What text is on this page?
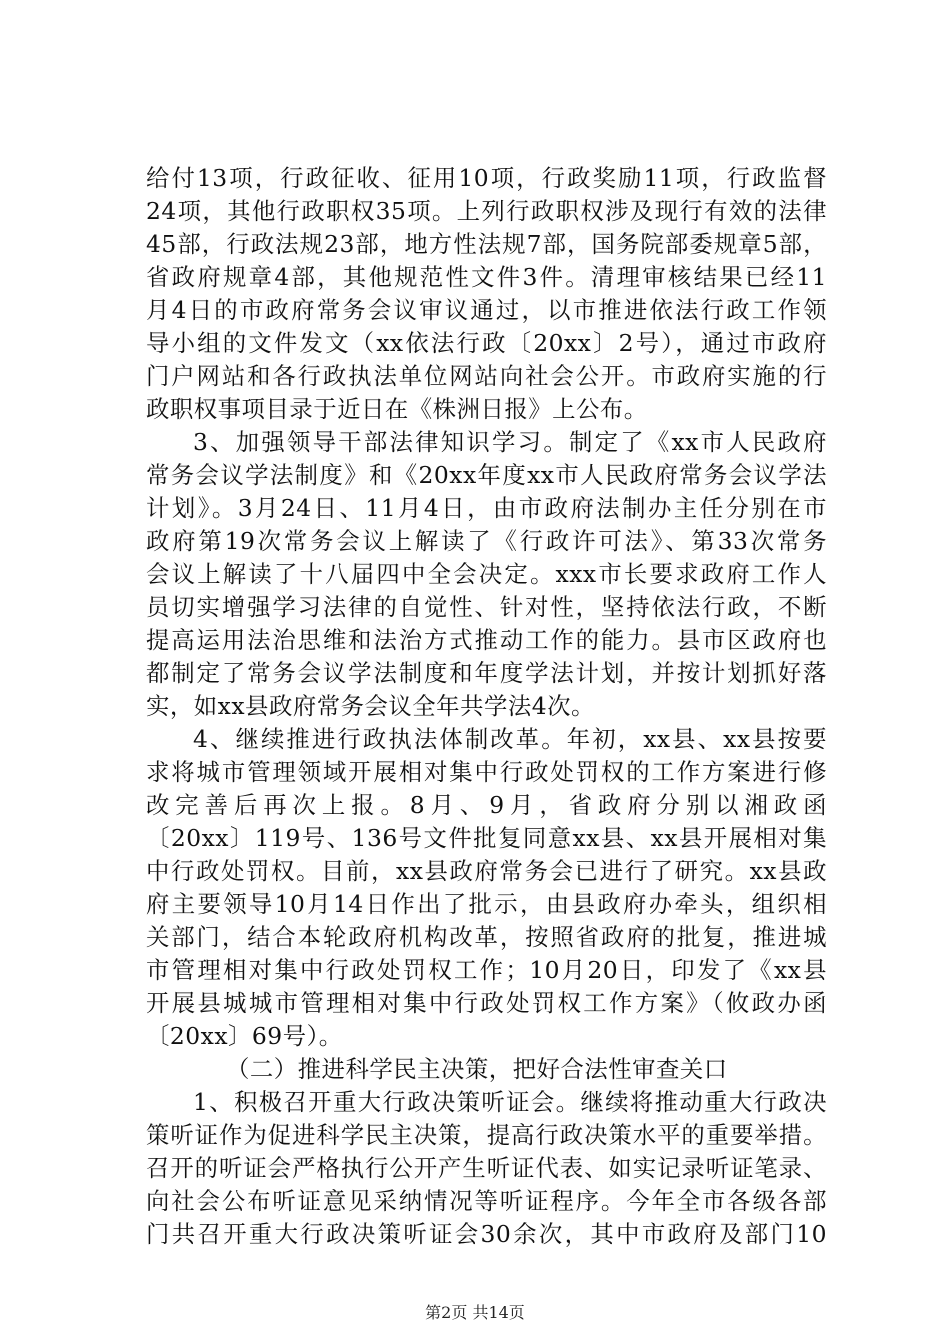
给付13项，行政征收、征用10项，行政奖励11项，行政监督
24项，其他行政职权35项。上列行政职权涉及现行有效的法律
45部，行政法规23部，地方性法规7部，国务院部委规章5部，
省政府规章4部，其他规范性文件3件。清理审核结果已经11
月4日的市政府常务会议审议通过，以市推进依法行政工作领
导小组的文件发文（xx依法行政〔20xx〕2号），通过市政府
门户网站和各行政执法单位网站向社会公开。市政府实施的行
政职权事项目录于近日在《株洲日报》上公布。
3、加强领导干部法律知识学习。制定了《xx市人民政府
常务会议学法制度》和《20xx年度xx市人民政府常务会议学法
计划》。3月24日、11月4日，由市政府法制办主任分别在市
政府第19次常务会议上解读了《行政许可法》、第33次常务
会议上解读了十八届四中全会决定。xxx市长要求政府工作人
员切实增强学习法律的自觉性、针对性，坚持依法行政，不断
提高运用法治思维和法治方式推动工作的能力。县市区政府也
都制定了常务会议学法制度和年度学法计划，并按计划抓好落
实，如xx县政府常务会议全年共学法4次。
4、继续推进行政执法体制改革。年初，xx县、xx县按要
求将城市管理领域开展相对集中行政处罚权的工作方案进行修
改完善后再次上报。8月、9月，省政府分别以湘政函
〔20xx〕119号、136号文件批复同意xx县、xx县开展相对集
中行政处罚权。目前，xx县政府常务会已进行了研究。xx县政
府主要领导10月14日作出了批示，由县政府办牵头，组织相
关部门，结合本轮政府机构改革，按照省政府的批复，推进城
市管理相对集中行政处罚权工作；10月20日，印发了《xx县
开展县城城市管理相对集中行政处罚权工作方案》（攸政办函
〔20xx〕69号）。
（二）推进科学民主决策，把好合法性审查关口
1、积极召开重大行政决策听证会。继续将推动重大行政决
策听证作为促进科学民主决策，提高行政决策水平的重要举措。
召开的听证会严格执行公开产生听证代表、如实记录听证笔录、
向社会公布听证意见采纳情况等听证程序。今年全市各级各部
门共召开重大行政决策听证会30余次，其中市政府及部门10
第2页 共14页
